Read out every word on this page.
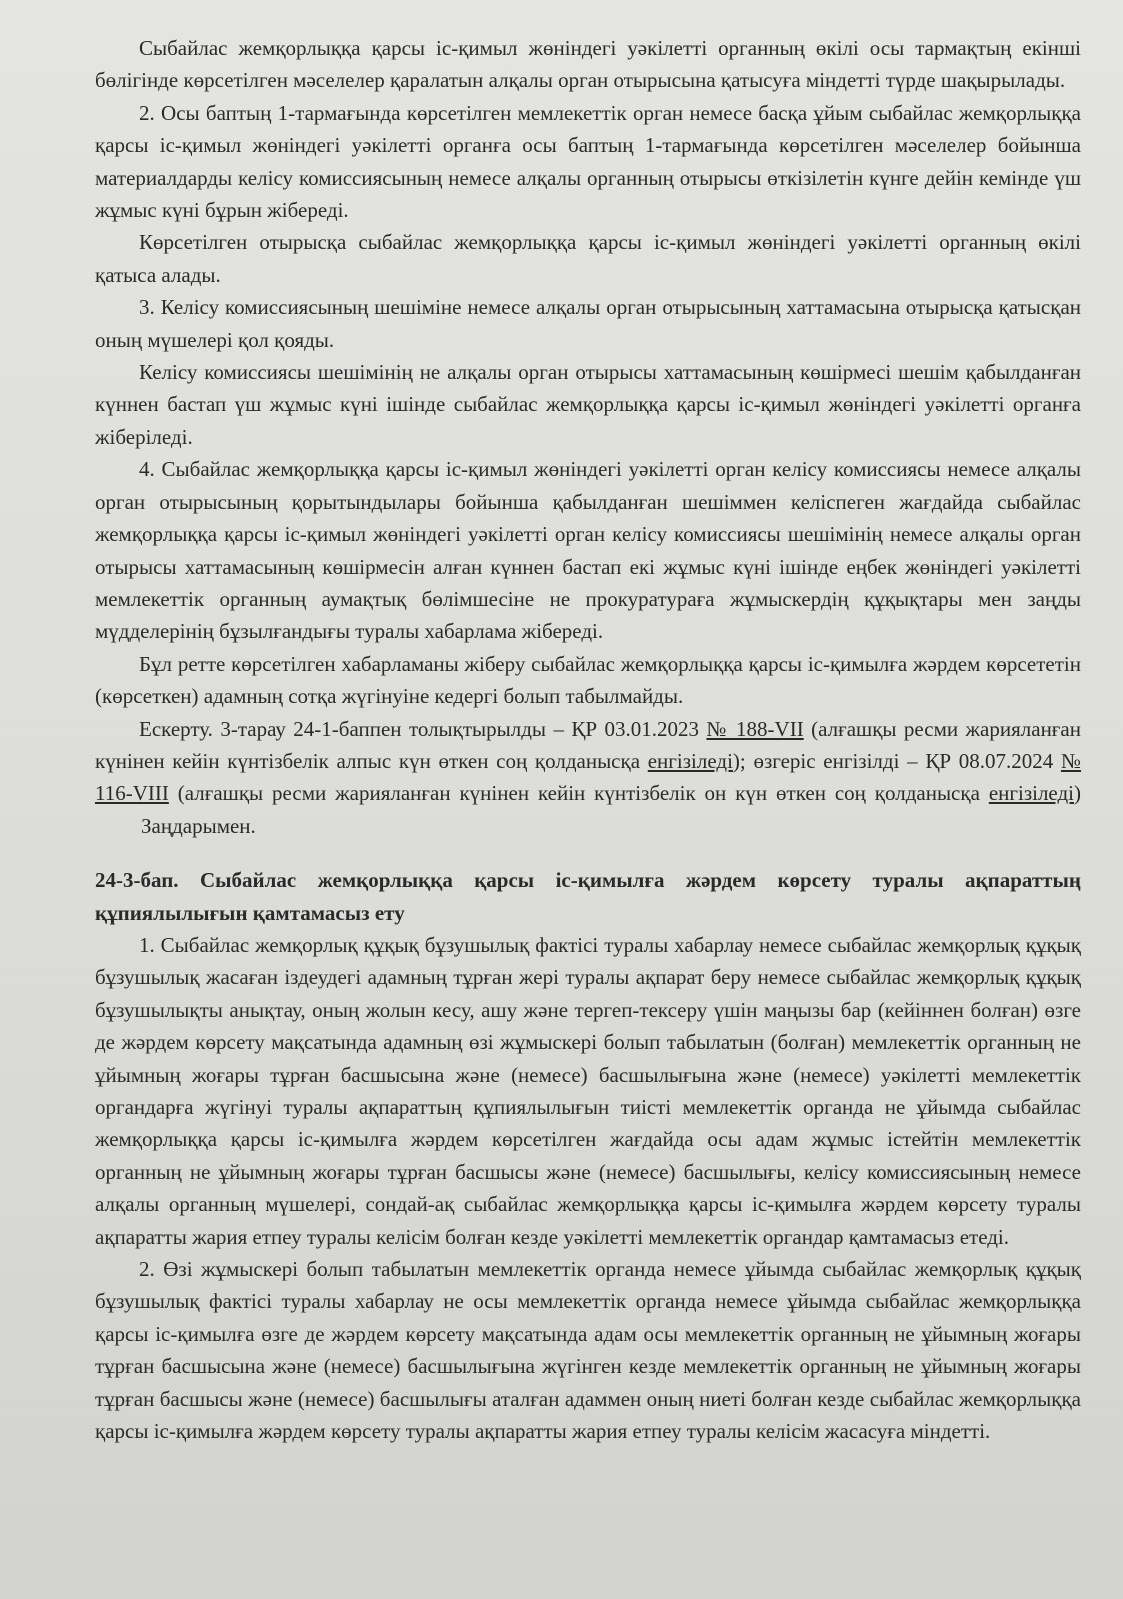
Сыбайлас жемқорлыққа қарсы іс-қимыл жөніндегі уәкілетті органның өкілі осы тармақтың екінші бөлігінде көрсетілген мәселелер қаралатын алқалы орган отырысына қатысуға міндетті түрде шақырылады.

2. Осы баптың 1-тармағында көрсетілген мемлекеттік орган немесе басқа ұйым сыбайлас жемқорлыққа қарсы іс-қимыл жөніндегі уәкілетті органға осы баптың 1-тармағында көрсетілген мәселелер бойынша материалдарды келісу комиссиясының немесе алқалы органның отырысы өткізілетін күнге дейін кемінде үш жұмыс күні бұрын жібереді.

Көрсетілген отырысқа сыбайлас жемқорлыққа қарсы іс-қимыл жөніндегі уәкілетті органның өкілі қатыса алады.

3. Келісу комиссиясының шешіміне немесе алқалы орган отырысының хаттамасына отырысқа қатысқан оның мүшелері қол қояды.

Келісу комиссиясы шешімінің не алқалы орган отырысы хаттамасының көшірмесі шешім қабылданған күннен бастап үш жұмыс күні ішінде сыбайлас жемқорлыққа қарсы іс-қимыл жөніндегі уәкілетті органға жіберіледі.

4. Сыбайлас жемқорлыққа қарсы іс-қимыл жөніндегі уәкілетті орган келісу комиссиясы немесе алқалы орган отырысының қорытындылары бойынша қабылданған шешіммен келіспеген жағдайда сыбайлас жемқорлыққа қарсы іс-қимыл жөніндегі уәкілетті орган келісу комиссиясы шешімінің немесе алқалы орган отырысы хаттамасының көшірмесін алған күннен бастап екі жұмыс күні ішінде еңбек жөніндегі уәкілетті мемлекеттік органның аумақтық бөлімшесіне не прокуратураға жұмыскердің құқықтары мен заңды мүдделерінің бұзылғандығы туралы хабарлама жібереді.

Бұл ретте көрсетілген хабарламаны жіберу сыбайлас жемқорлыққа қарсы іс-қимылға жәрдем көрсететін (көрсеткен) адамның сотқа жүгінуіне кедергі болып табылмайды.

Ескерту. 3-тарау 24-1-баппен толықтырылды – ҚР 03.01.2023 № 188-VII (алғашқы ресми жарияланған күнінен кейін күнтізбелік алпыс күн өткен соң қолданысқа енгізіледі); өзгеріс енгізілді – ҚР 08.07.2024 № 116-VIII (алғашқы ресми жарияланған күнінен кейін күнтізбелік он күн өткен соң қолданысқа енгізіледі)Заңдарымен.

24-3-бап. Сыбайлас жемқорлыққа қарсы іс-қимылға жәрдем көрсету туралы ақпараттың құпиялылығын қамтамасыз ету

1. Сыбайлас жемқорлық құқық бұзушылық фактісі туралы хабарлау немесе сыбайлас жемқорлық құқық бұзушылық жасаған іздеудегі адамның тұрған жері туралы ақпарат беру немесе сыбайлас жемқорлық құқық бұзушылықты анықтау, оның жолын кесу, ашу және тергеп-тексеру үшін маңызы бар (кейіннен болған) өзге де жәрдем көрсету мақсатында адамның өзі жұмыскері болып табылатын (болған) мемлекеттік органның не ұйымның жоғары тұрған басшысына және (немесе) басшылығына және (немесе) уәкілетті мемлекеттік органдарға жүгінуі туралы ақпараттың құпиялылығын тиісті мемлекеттік органда не ұйымда сыбайлас жемқорлыққа қарсы іс-қимылға жәрдем көрсетілген жағдайда осы адам жұмыс істейтін мемлекеттік органның не ұйымның жоғары тұрған басшысы және (немесе) басшылығы, келісу комиссиясының немесе алқалы органның мүшелері, сондай-ақ сыбайлас жемқорлыққа қарсы іс-қимылға жәрдем көрсету туралы ақпаратты жария етпеу туралы келісім болған кезде уәкілетті мемлекеттік органдар қамтамасыз етеді.

2. Өзі жұмыскері болып табылатын мемлекеттік органда немесе ұйымда сыбайлас жемқорлық құқық бұзушылық фактісі туралы хабарлау не осы мемлекеттік органда немесе ұйымда сыбайлас жемқорлыққа қарсы іс-қимылға өзге де жәрдем көрсету мақсатында адам осы мемлекеттік органның не ұйымның жоғары тұрған басшысына және (немесе) басшылығына жүгінген кезде мемлекеттік органның не ұйымның жоғары тұрған басшысы және (немесе) басшылығы аталған адаммен оның ниеті болған кезде сыбайлас жемқорлыққа қарсы іс-қимылға жәрдем көрсету туралы ақпаратты жария етпеу туралы келісім жасасуға міндетті.
